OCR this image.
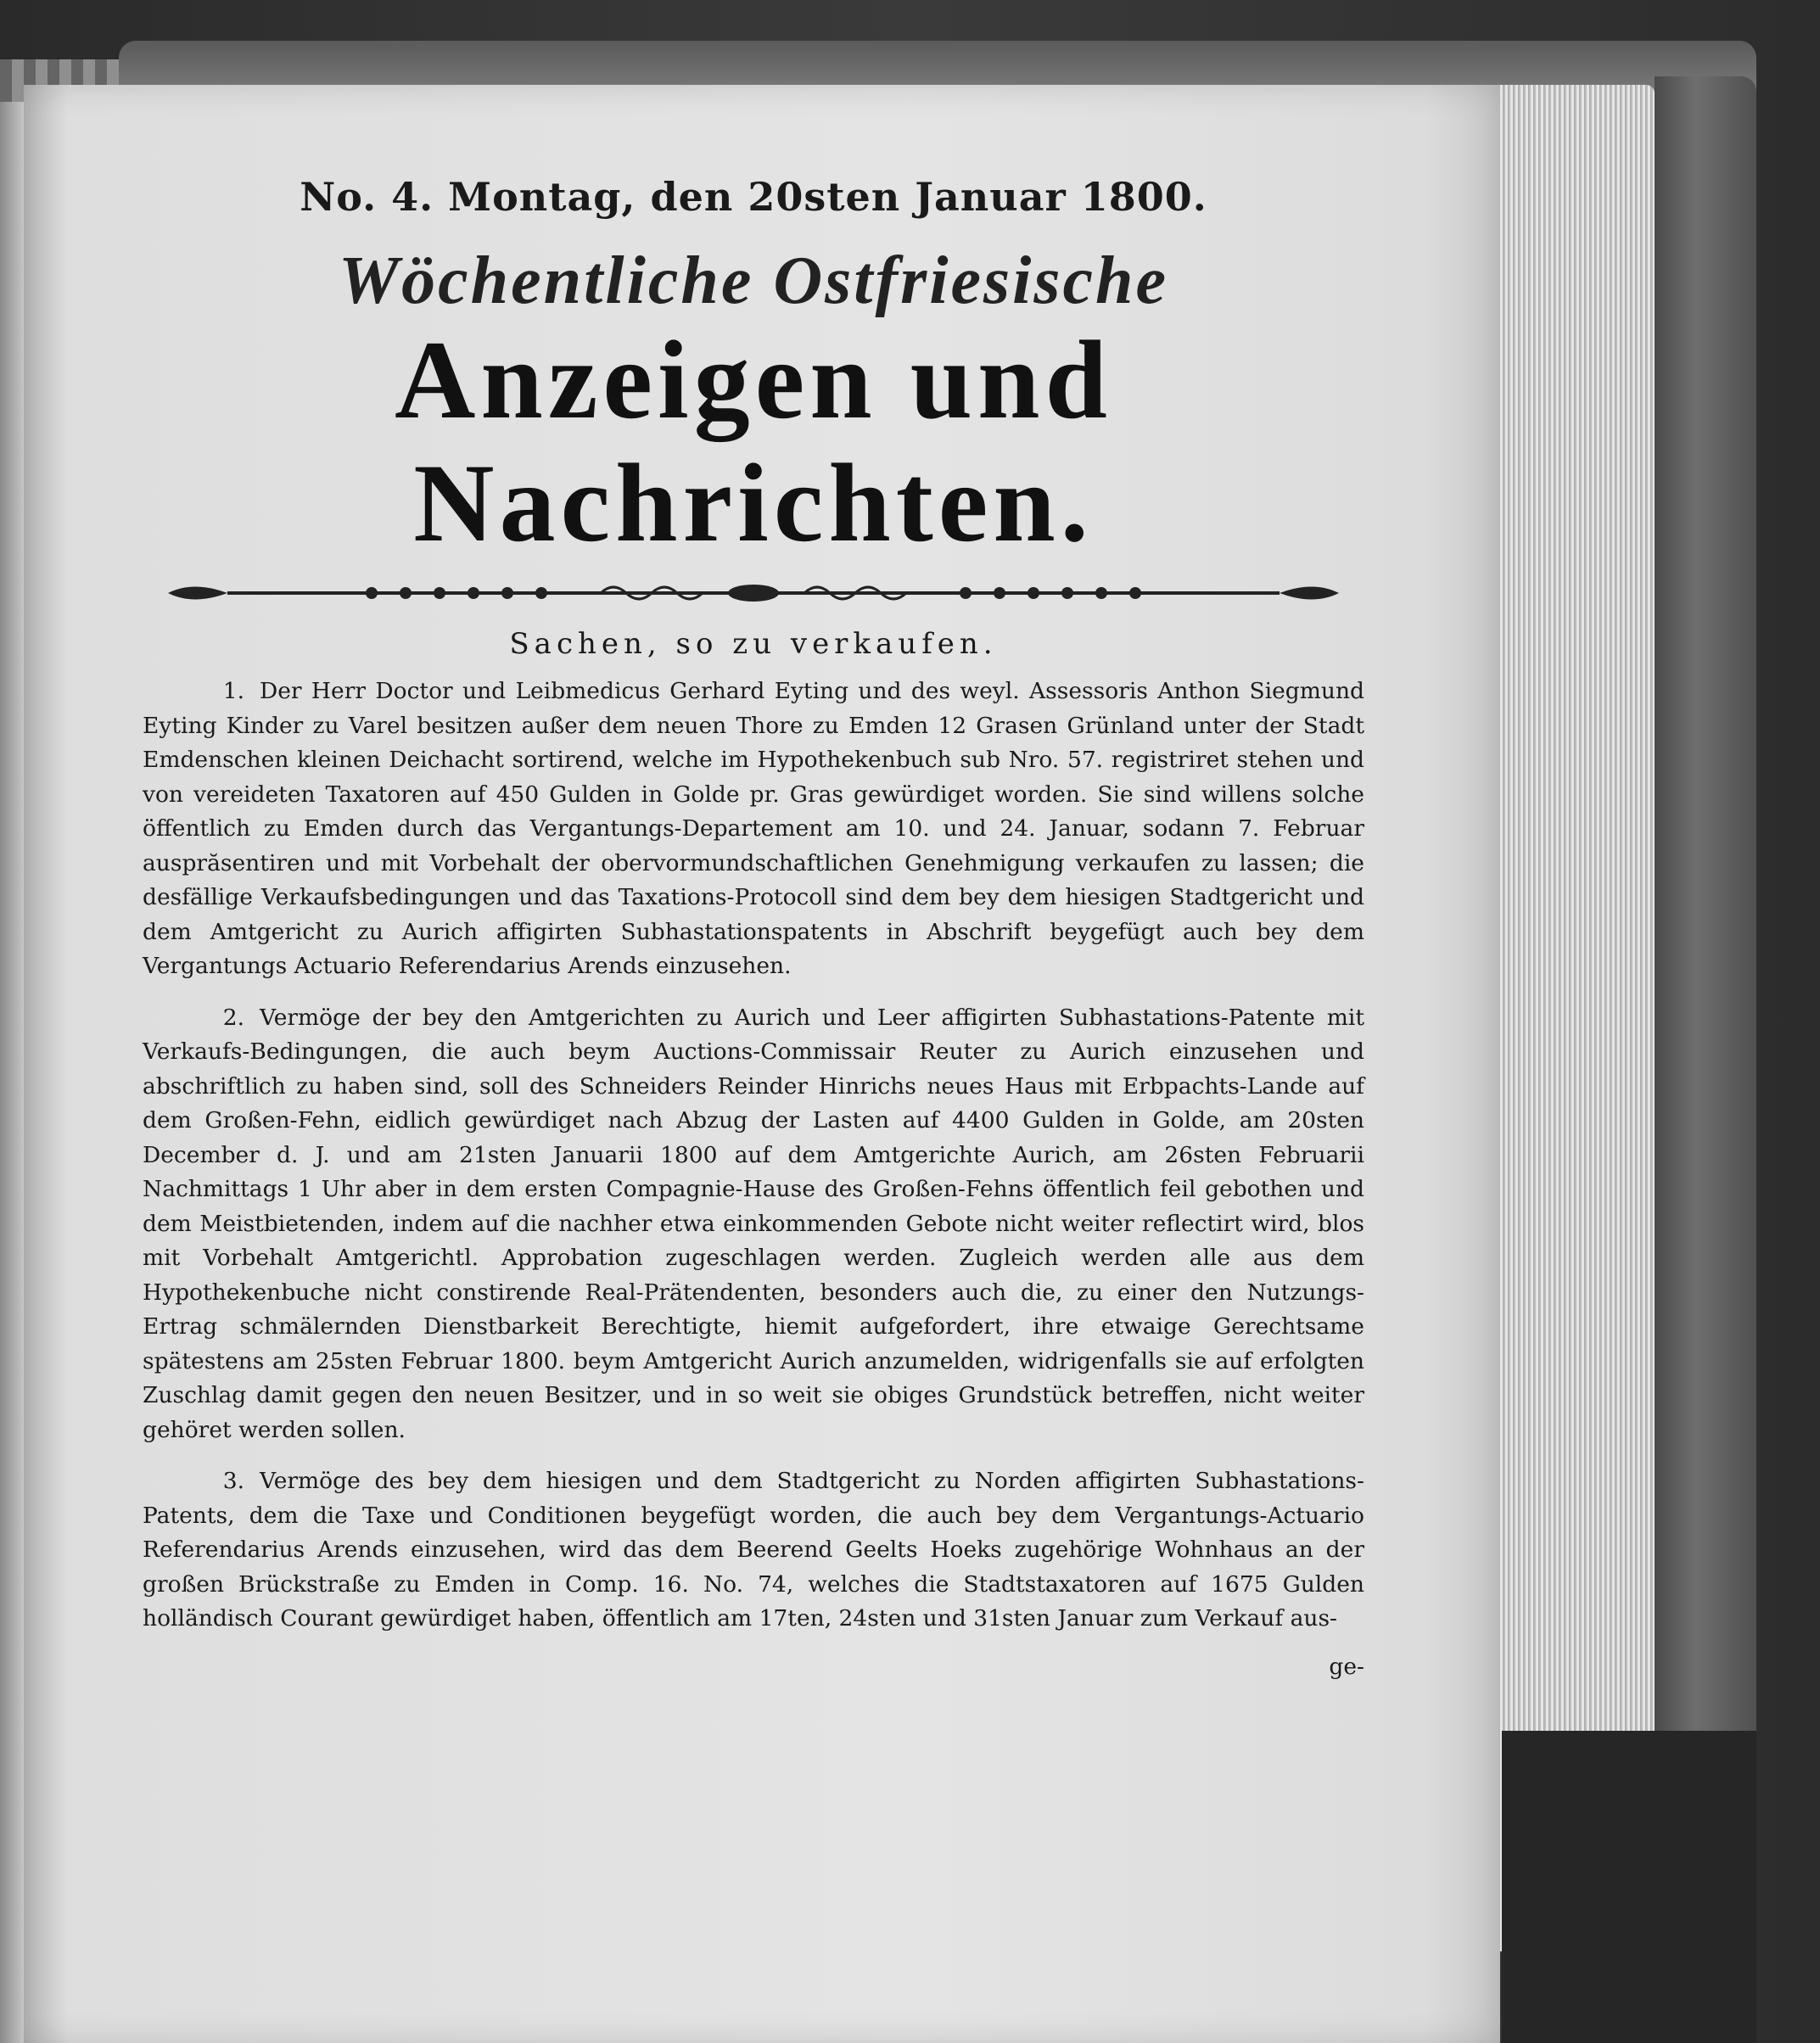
No. 4. Montag, den 20sten Januar 1800.

Wöchentliche Ostfriesische

Anzeigen und Nachrichten.

Sachen, so zu verkaufen.

1. Der Herr Doctor und Leibmedicus Gerhard Eyting und des weyl. Assessoris Anthon Siegmund Eyting Kinder zu Varel besitzen außer dem neuen Thore zu Emden 12 Grasen Grünland unter der Stadt Emdenschen kleinen Deichacht sortirend, welche im Hypothekenbuch sub Nro. 57. registriret stehen und von vereideten Taxatoren auf 450 Gulden in Golde pr. Gras gewürdiget worden. Sie sind willens solche öffentlich zu Emden durch das Vergantungs-Departement am 10. und 24. Januar, sodann 7. Februar ausprăsentiren und mit Vorbehalt der obervormundschaftlichen Genehmigung verkaufen zu lassen; die desfällige Verkaufsbedingungen und das Taxations-Protocoll sind dem bey dem hiesigen Stadtgericht und dem Amtgericht zu Aurich affigirten Subhastationspatents in Abschrift beygefügt auch bey dem Vergantungs Actuario Referendarius Arends einzusehen.

2. Vermöge der bey den Amtgerichten zu Aurich und Leer affigirten Subhastations-Patente mit Verkaufs-Bedingungen, die auch beym Auctions-Commissair Reuter zu Aurich einzusehen und abschriftlich zu haben sind, soll des Schneiders Reinder Hinrichs neues Haus mit Erbpachts-Lande auf dem Großen-Fehn, eidlich gewürdiget nach Abzug der Lasten auf 4400 Gulden in Golde, am 20sten December d. J. und am 21sten Januarii 1800 auf dem Amtgerichte Aurich, am 26sten Februarii Nachmittags 1 Uhr aber in dem ersten Compagnie-Hause des Großen-Fehns öffentlich feil gebothen und dem Meistbietenden, indem auf die nachher etwa einkommenden Gebote nicht weiter reflectirt wird, blos mit Vorbehalt Amtgerichtl. Approbation zugeschlagen werden. Zugleich werden alle aus dem Hypothekenbuche nicht constirende Real-Prätendenten, besonders auch die, zu einer den Nutzungs-Ertrag schmälernden Dienstbarkeit Berechtigte, hiemit aufgefordert, ihre etwaige Gerechtsame spätestens am 25sten Februar 1800. beym Amtgericht Aurich anzumelden, widrigenfalls sie auf erfolgten Zuschlag damit gegen den neuen Besitzer, und in so weit sie obiges Grundstück betreffen, nicht weiter gehöret werden sollen.

3. Vermöge des bey dem hiesigen und dem Stadtgericht zu Norden affigirten Subhastations-Patents, dem die Taxe und Conditionen beygefügt worden, die auch bey dem Vergantungs-Actuario Referendarius Arends einzusehen, wird das dem Beerend Geelts Hoeks zugehörige Wohnhaus an der großen Brückstraße zu Emden in Comp. 16. No. 74, welches die Stadtstaxatoren auf 1675 Gulden holländisch Courant gewürdiget haben, öffentlich am 17ten, 24sten und 31sten Januar zum Verkauf aus-

ge-
